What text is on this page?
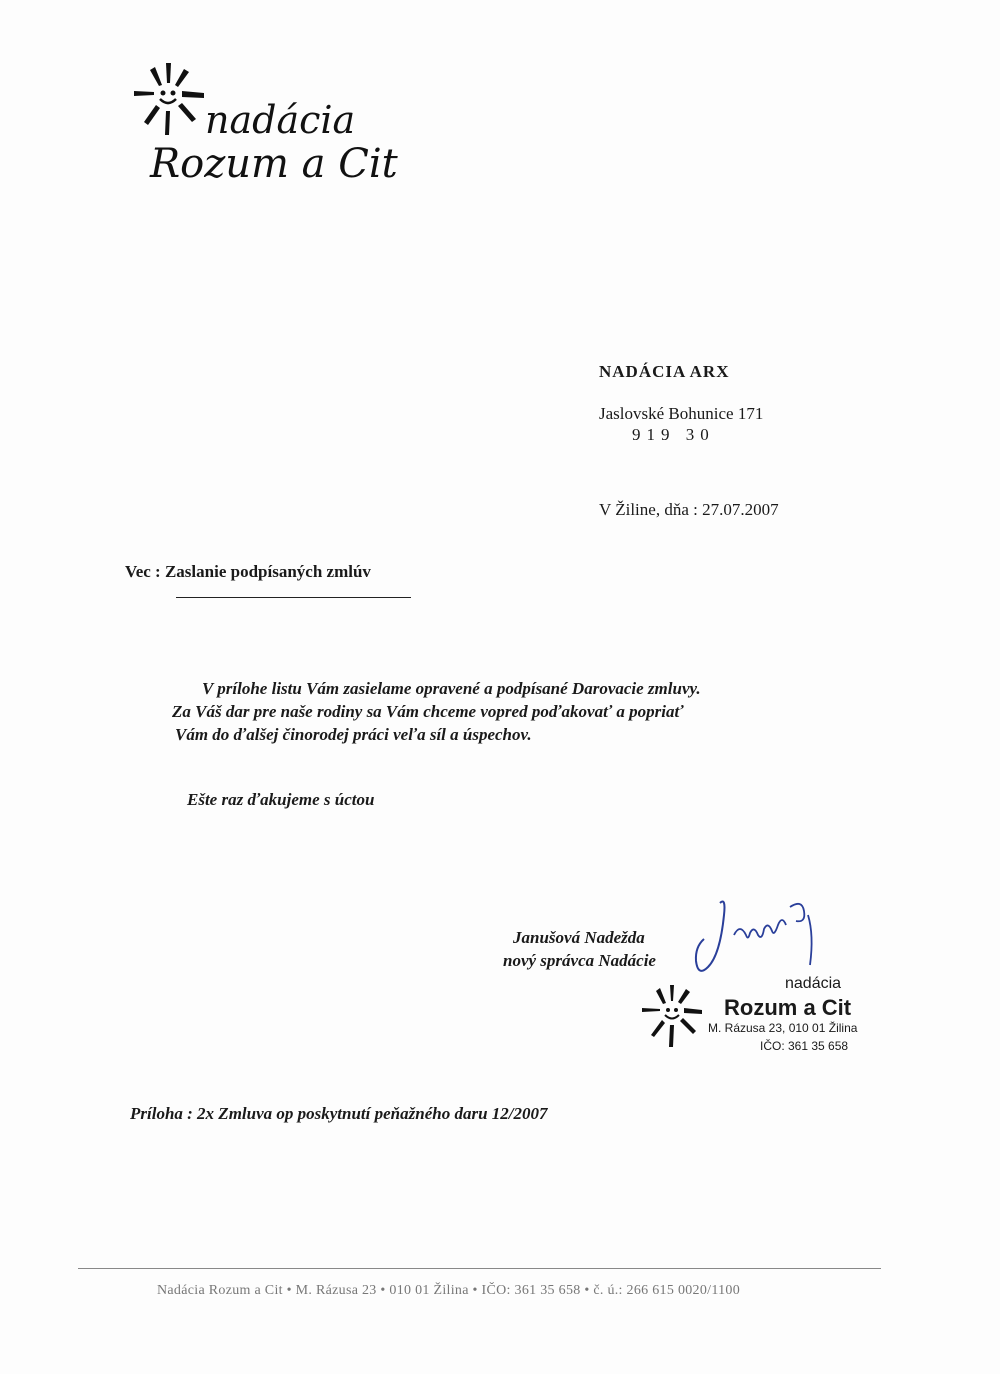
nadácia
Rozum a Cit
NADÁCIA ARX
Jaslovské Bohunice 171
919 30
V Žiline, dňa : 27.07.2007
Vec : Zaslanie podpísaných zmlúv
V prílohe listu Vám zasielame opravené a podpísané Darovacie zmluvy.
Za Váš dar pre naše rodiny sa Vám chceme vopred poďakovať a popriať
Vám do ďalšej činorodej práci veľa síl a úspechov.
Ešte raz ďakujeme s úctou
Janušová Nadežda
nový správca Nadácie
nadácia
Rozum a Cit
M. Rázusa 23, 010 01 Žilina
IČO: 361 35 658
Príloha : 2x Zmluva op poskytnutí peňažného daru 12/2007
Nadácia Rozum a Cit • M. Rázusa 23 • 010 01 Žilina • IČO: 361 35 658 • č. ú.: 266 615 0020/1100
